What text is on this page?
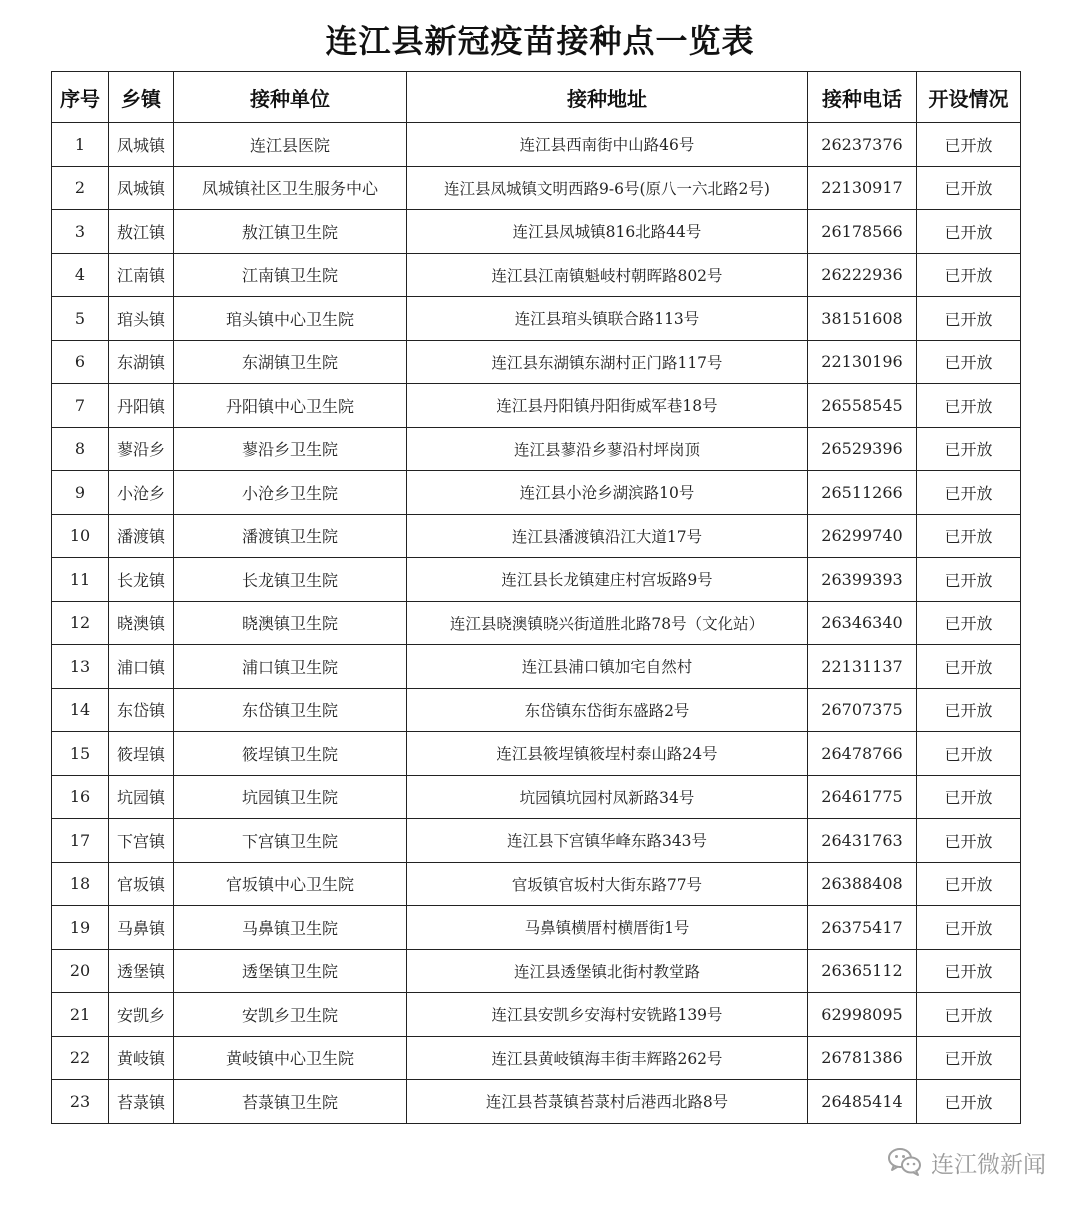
连江县新冠疫苗接种点一览表
序号	乡镇	接种单位	接种地址	接种电话	开设情况
1	凤城镇	连江县医院	连江县西南街中山路46号	26237376	已开放
2	凤城镇	凤城镇社区卫生服务中心	连江县凤城镇文明西路9-6号(原八一六北路2号)	22130917	已开放
3	敖江镇	敖江镇卫生院	连江县凤城镇816北路44号	26178566	已开放
4	江南镇	江南镇卫生院	连江县江南镇魁岐村朝晖路802号	26222936	已开放
5	琯头镇	琯头镇中心卫生院	连江县琯头镇联合路113号	38151608	已开放
6	东湖镇	东湖镇卫生院	连江县东湖镇东湖村正门路117号	22130196	已开放
7	丹阳镇	丹阳镇中心卫生院	连江县丹阳镇丹阳街威军巷18号	26558545	已开放
8	蓼沿乡	蓼沿乡卫生院	连江县蓼沿乡蓼沿村坪岗顶	26529396	已开放
9	小沧乡	小沧乡卫生院	连江县小沧乡湖滨路10号	26511266	已开放
10	潘渡镇	潘渡镇卫生院	连江县潘渡镇沿江大道17号	26299740	已开放
11	长龙镇	长龙镇卫生院	连江县长龙镇建庄村宫坂路9号	26399393	已开放
12	晓澳镇	晓澳镇卫生院	连江县晓澳镇晓兴街道胜北路78号（文化站）	26346340	已开放
13	浦口镇	浦口镇卫生院	连江县浦口镇加宅自然村	22131137	已开放
14	东岱镇	东岱镇卫生院	东岱镇东岱街东盛路2号	26707375	已开放
15	筱埕镇	筱埕镇卫生院	连江县筱埕镇筱埕村泰山路24号	26478766	已开放
16	坑园镇	坑园镇卫生院	坑园镇坑园村凤新路34号	26461775	已开放
17	下宫镇	下宫镇卫生院	连江县下宫镇华峰东路343号	26431763	已开放
18	官坂镇	官坂镇中心卫生院	官坂镇官坂村大街东路77号	26388408	已开放
19	马鼻镇	马鼻镇卫生院	马鼻镇横厝村横厝街1号	26375417	已开放
20	透堡镇	透堡镇卫生院	连江县透堡镇北街村教堂路	26365112	已开放
21	安凯乡	安凯乡卫生院	连江县安凯乡安海村安铣路139号	62998095	已开放
22	黄岐镇	黄岐镇中心卫生院	连江县黄岐镇海丰街丰辉路262号	26781386	已开放
23	苔菉镇	苔菉镇卫生院	连江县苔菉镇苔菉村后港西北路8号	26485414	已开放
连江微新闻
